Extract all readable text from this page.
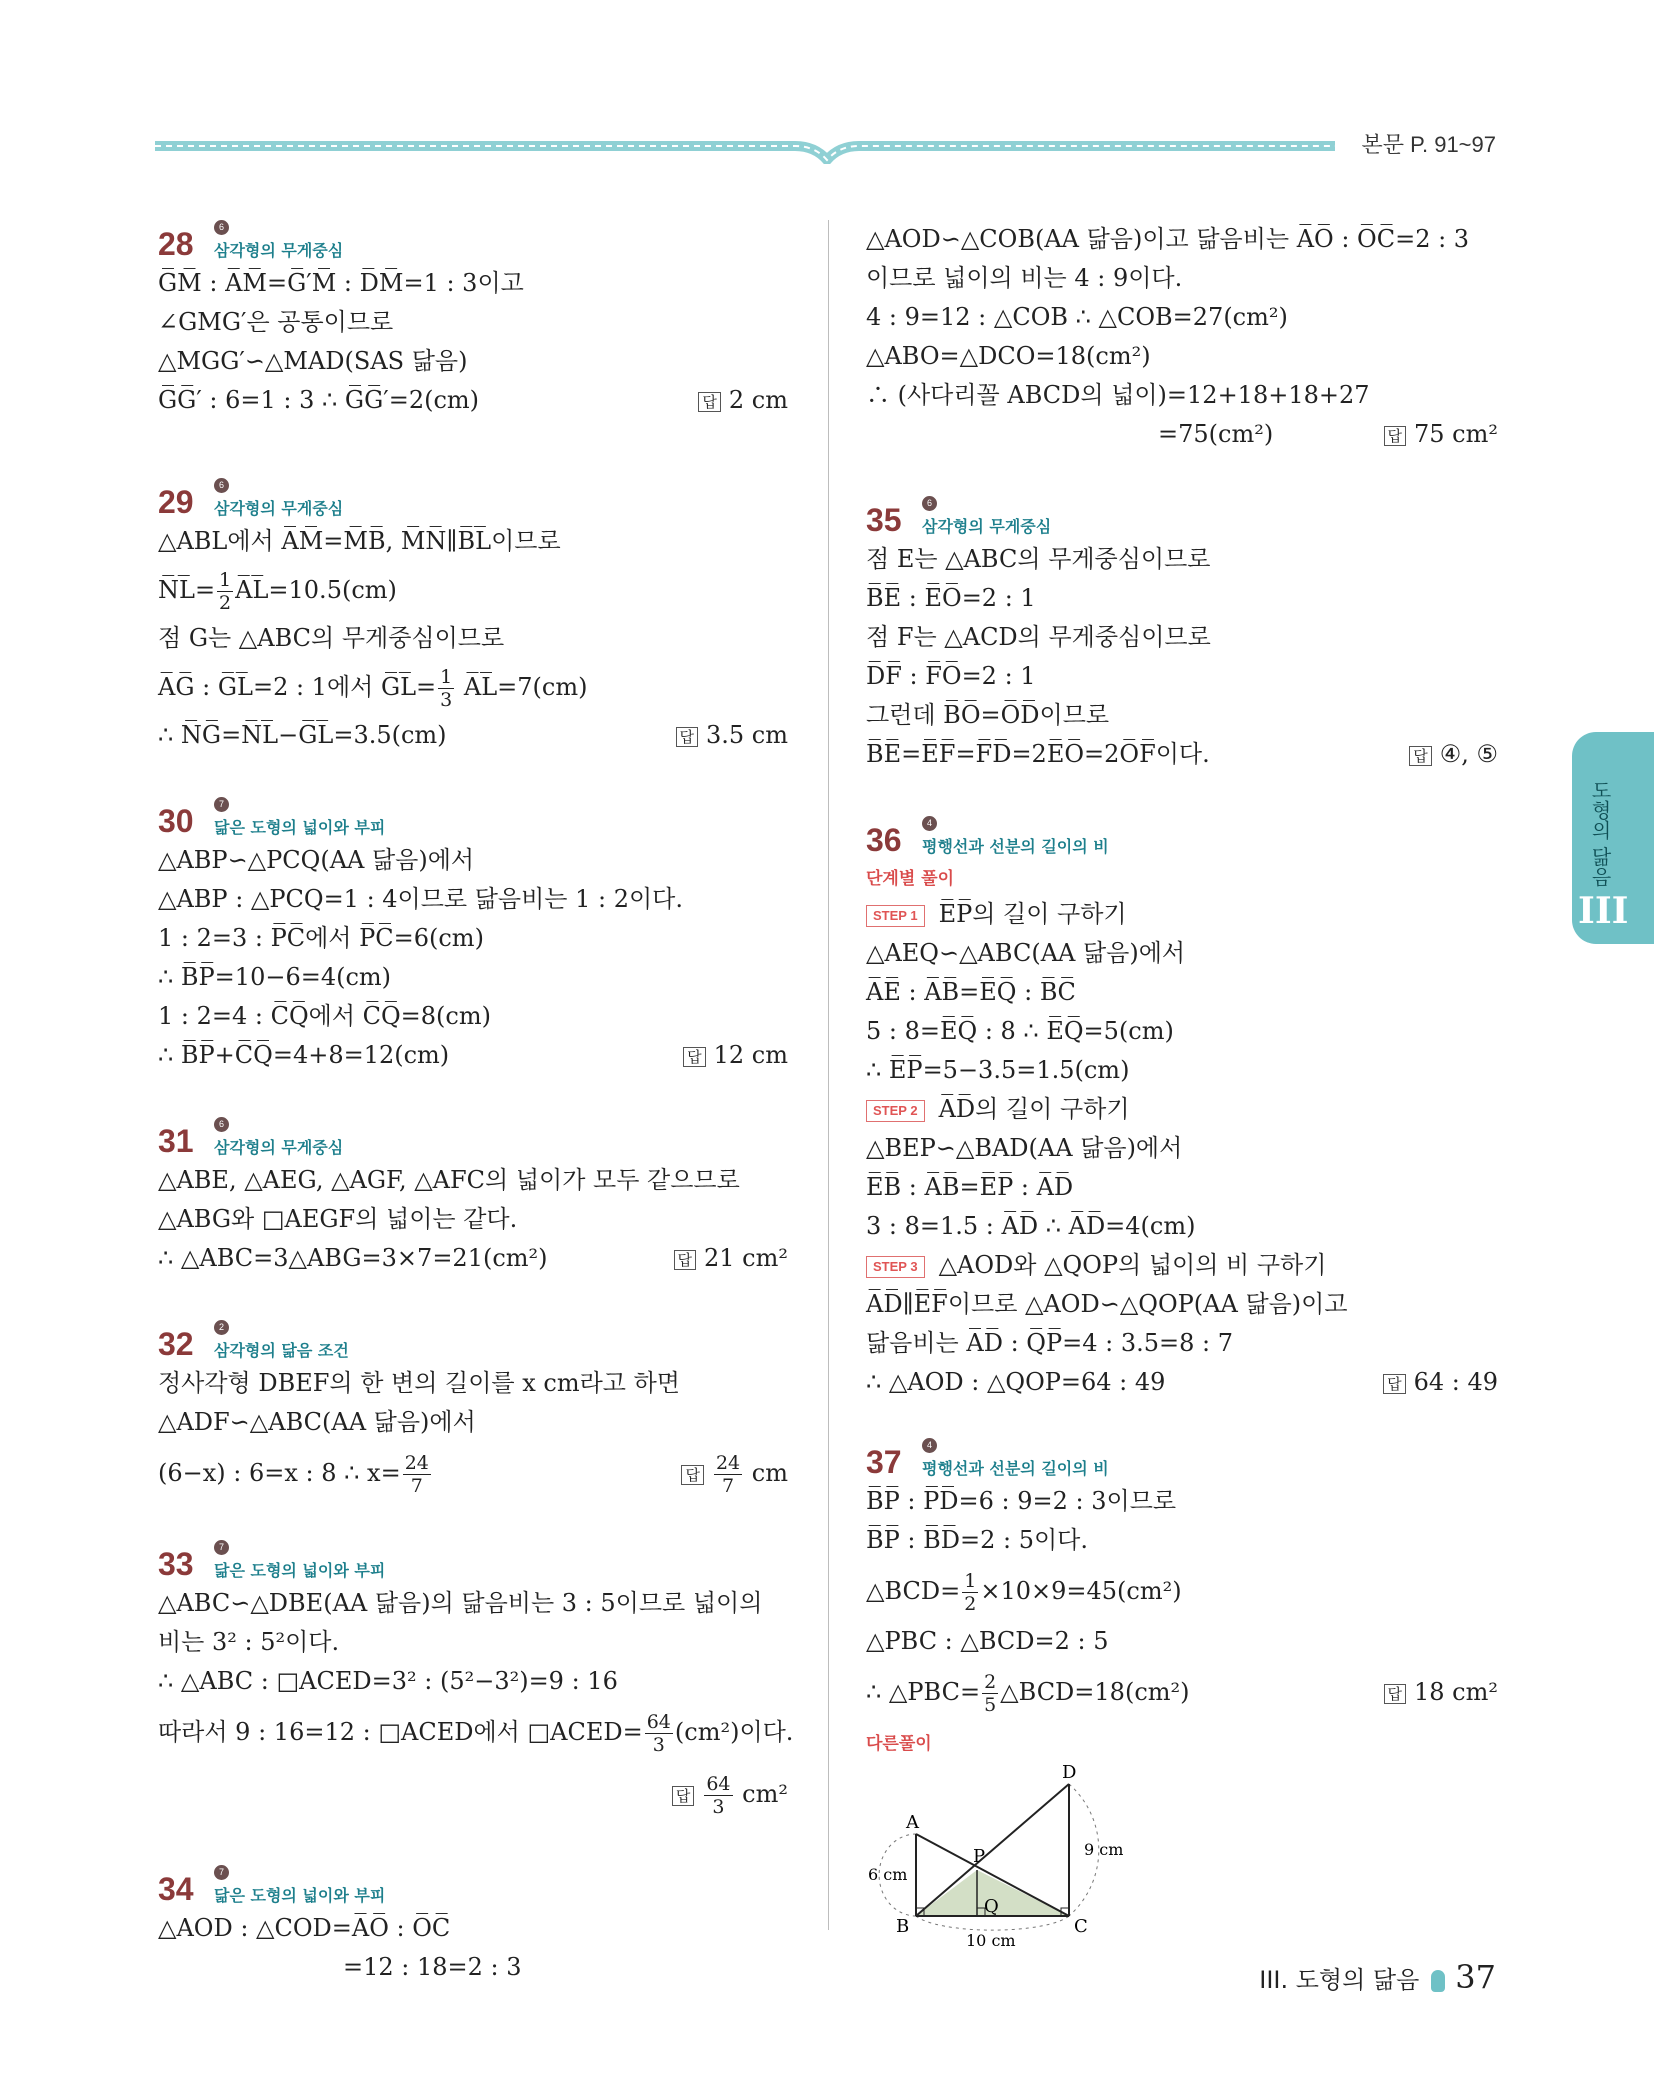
본문 P. 91~97
28	6
삼각형의 무게중심
G̅M̅ : A̅M̅=G̅′M̅ : D̅M̅=1 : 3이고
∠GMG′은 공통이므로
△MGG′∽△MAD(SAS 닮음)
G̅G̅′ : 6=1 : 3 ∴ G̅G̅′=2(cm)	답 2 cm
29	6
삼각형의 무게중심
△ABL에서 A̅M̅=M̅B̅, M̅N̅∥B̅L̅이므로
N̅L̅= $\frac{1}{2}$ A̅L̅=10.5(cm)
점 G는 △ABC의 무게중심이므로
A̅G̅ : G̅L̅=2 : 1에서 G̅L̅= $\frac{1}{3}$ A̅L̅=7(cm)
∴ N̅G̅=N̅L̅−G̅L̅=3.5(cm)	답 3.5 cm
30	7
닮은 도형의 넓이와 부피
△ABP∽△PCQ(AA 닮음)에서
△ABP : △PCQ=1 : 4이므로 닮음비는 1 : 2이다.
1 : 2=3 : P̅C̅에서 P̅C̅=6(cm)
∴ B̅P̅=10−6=4(cm)
1 : 2=4 : C̅Q̅에서 C̅Q̅=8(cm)
∴ B̅P̅+C̅Q̅=4+8=12(cm)	답 12 cm
31	6
삼각형의 무게중심
△ABE, △AEG, △AGF, △AFC의 넓이가 모두 같으므로
△ABG와 □AEGF의 넓이는 같다.
∴ △ABC=3△ABG=3×7=21(cm²)	답 21 cm²
32	2
삼각형의 닮음 조건
정사각형 DBEF의 한 변의 길이를 x cm라고 하면
△ADF∽△ABC(AA 닮음)에서
(6−x) : 6=x : 8 ∴ $x= \frac{24}{7}$	답 $\frac{24}{7}$ cm
33	7
닮은 도형의 넓이와 부피
△ABC∽△DBE(AA 닮음)의 닮음비는 3 : 5이므로 넓이의
비는 3² : 5²이다.
∴ △ABC : □ACED=3² : (5²−3²)=9 : 16
따라서 9 : 16=12 : □ACED에서 □ACED= $\frac{64}{3} (cm^2)$이다.
답 $\frac{64}{3} cm^2$
34	7
닮은 도형의 넓이와 부피
△AOD : △COD=A̅O̅ : O̅C̅
=12 : 18=2 : 3
△AOD∽△COB(AA 닮음)이고 닮음비는 A̅O̅ : O̅C̅=2 : 3
이므로 넓이의 비는 4 : 9이다.
4 : 9=12 : △COB ∴ △COB=27(cm²)
△ABO=△DCO=18(cm²)
∴ (사다리꼴 ABCD의 넓이)=12+18+18+27
=75(cm²)	답 75 cm²
35	6
삼각형의 무게중심
점 E는 △ABC의 무게중심이므로
B̅E̅ : E̅O̅=2 : 1
점 F는 △ACD의 무게중심이므로
D̅F̅ : F̅O̅=2 : 1
그런데 B̅O̅=O̅D̅이므로
B̅E̅=E̅F̅=F̅D̅=2E̅O̅=2O̅F̅이다.	답 ④, ⑤
36	4
평행선과 선분의 길이의 비
단계별 풀이
STEP 1 E̅P̅의 길이 구하기
△AEQ∽△ABC(AA 닮음)에서
A̅E̅ : A̅B̅=E̅Q̅ : B̅C̅
5 : 8=E̅Q̅ : 8 ∴ E̅Q̅=5(cm)
∴ E̅P̅=5−3.5=1.5(cm)
STEP 2 A̅D̅의 길이 구하기
△BEP∽△BAD(AA 닮음)에서
E̅B̅ : A̅B̅=E̅P̅ : A̅D̅
3 : 8=1.5 : A̅D̅ ∴ A̅D̅=4(cm)
STEP 3 △AOD와 △QOP의 넓이의 비 구하기
A̅D̅∥E̅F̅이므로 △AOD∽△QOP(AA 닮음)이고
닮음비는 A̅D̅ : Q̅P̅=4 : 3.5=8 : 7
∴ △AOD : △QOP=64 : 49	답 64 : 49
37	4
평행선과 선분의 길이의 비
B̅P̅ : P̅D̅=6 : 9=2 : 3이므로
B̅P̅ : B̅D̅=2 : 5이다.
△BCD= $\frac{1}{2} \times 10\times 9=45(cm^2)$
△PBC : △BCD=2 : 5
∴ △PBC= $\frac{2}{5}$ △BCD=18(cm²)	답 18 cm²
다른풀이
A
B	C
D
P
Q
6 cm
9 cm
10 cm
도형의 닮음
III
III. 도형의 닮음 37
